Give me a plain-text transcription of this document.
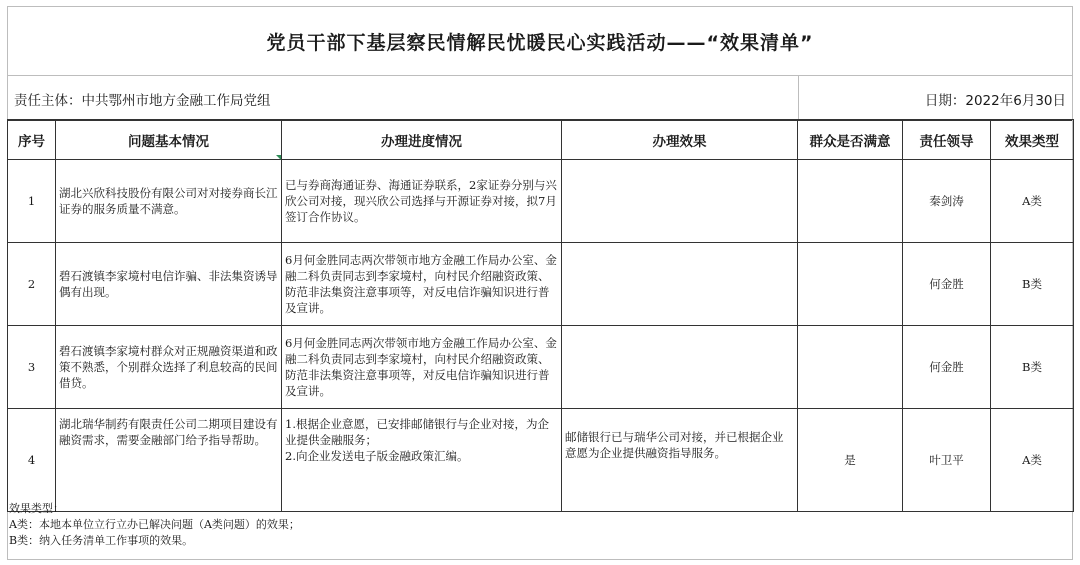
党员干部下基层察民情解民忧暖民心实践活动——“效果清单”
责任主体：中共鄂州市地方金融工作局党组	日期：2022年6月30日
序号	问题基本情况	办理进度情况	办理效果	群众是否满意	责任领导	效果类型
1	湖北兴欣科技股份有限公司对对接券商长江证券的服务质量不满意。	已与券商海通证券、海通证券联系，2家证券分别与兴欣公司对接，现兴欣公司选择与开源证券对接，拟7月签订合作协议。			秦剑涛	A类
2	碧石渡镇李家境村电信诈骗、非法集资诱导偶有出现。	6月何金胜同志两次带领市地方金融工作局办公室、金融二科负责同志到李家境村，向村民介绍融资政策、防范非法集资注意事项等，对反电信诈骗知识进行普及宣讲。			何金胜	B类
3	碧石渡镇李家境村群众对正规融资渠道和政策不熟悉，个别群众选择了利息较高的民间借贷。	6月何金胜同志两次带领市地方金融工作局办公室、金融二科负责同志到李家境村，向村民介绍融资政策、防范非法集资注意事项等，对反电信诈骗知识进行普及宣讲。			何金胜	B类
4	湖北瑞华制药有限责任公司二期项目建设有融资需求，需要金融部门给予指导帮助。	1.根据企业意愿，已安排邮储银行与企业对接，为企业提供金融服务；
2.向企业发送电子版金融政策汇编。	邮储银行已与瑞华公司对接，并已根据企业意愿为企业提供融资指导服务。	是	叶卫平	A类
效果类型：
A类：本地本单位立行立办已解决问题（A类问题）的效果；
B类：纳入任务清单工作事项的效果。
